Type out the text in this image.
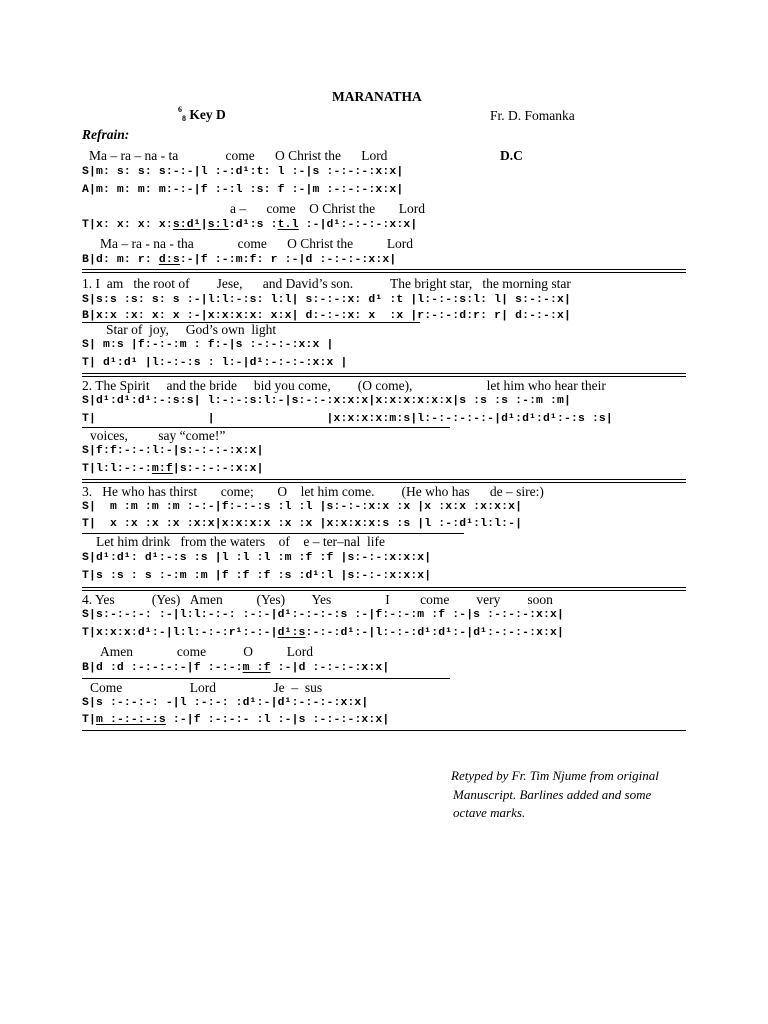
MARANATHA
$^6_8$ Key D	Fr. D. Fomanka
Refrain:
Ma – ra – na - ta              come      O Christ the      Lord	D.C
S|m: s: s: s:-:-|l :-:d¹:t: l :-|s :-:-:-:x:x|
A|m: m: m: m:-:-|f :-:l :s: f :-|m :-:-:-:x:x|
a –      come    O Christ the       Lord
T|x: x: x: x:s:d¹|s:l:d¹:s :t.l :-|d¹:-:-:-:x:x|
Ma – ra - na - tha             come      O Christ the          Lord
B|d: m: r: d:s:-|f :-:m:f: r :-|d :-:-:-:x:x|
1. I  am   the root of        Jese,      and David’s son.           The bright star,   the morning star
S|s:s :s: s: s :-|l:l:-:s: l:l| s:-:-:x: d¹ :t |l:-:-:s:l: l| s:-:-:x|
B|x:x :x: x: x :-|x:x:x:x: x:x| d:-:-:x: x  :x |r:-:-:d:r: r| d:-:-:x|
Star of  joy,     God’s own  light
S| m:s |f:-:-:m : f:-|s :-:-:-:x:x |
T| d¹:d¹ |l:-:-:s : l:-|d¹:-:-:-:x:x |
2. The Spirit     and the bride     bid you come,        (O come),                      let him who hear their
S|d¹:d¹:d¹:-:s:s| l:-:-:s:l:-|s:-:-:x:x:x|x:x:x:x:x:x|s :s :s :-:m :m|
T|                |                |x:x:x:x:m:s|l:-:-:-:-:-|d¹:d¹:d¹:-:s :s|
voices,         say “come!”
S|f:f:-:-:l:-|s:-:-:-:x:x|
T|l:l:-:-:m:f|s:-:-:-:x:x|
3.   He who has thirst       come;       O    let him come.        (He who has      de – sire:)
S|  m :m :m :m :-:-|f:-:-:s :l :l |s:-:-:x:x :x |x :x:x :x:x:x|
T|  x :x :x :x :x:x|x:x:x:x :x :x |x:x:x:x:s :s |l :-:d¹:l:l:-|
Let him drink   from the waters    of    e – ter–nal  life
S|d¹:d¹: d¹:-:s :s |l :l :l :m :f :f |s:-:-:x:x:x|
T|s :s : s :-:m :m |f :f :f :s :d¹:l |s:-:-:x:x:x|
4. Yes           (Yes)   Amen          (Yes)        Yes                I         come        very        soon
S|s:-:-:-: :-|l:l:-:-: :-:-|d¹:-:-:-:s :-|f:-:-:m :f :-|s :-:-:-:x:x|
T|x:x:x:d¹:-|l:l:-:-:r¹:-:-|d¹:s:-:-:d¹:-|l:-:-:d¹:d¹:-|d¹:-:-:-:x:x|
Amen             come           O          Lord
B|d :d :-:-:-:-|f :-:-:m :f :-|d :-:-:-:x:x|
Come                    Lord                 Je  –  sus
S|s :-:-:-: -|l :-:-: :d¹:-|d¹:-:-:-:x:x|
T|m :-:-:-:s :-|f :-:-:- :l :-|s :-:-:-:x:x|
Retyped by Fr. Tim Njume from original
Manuscript. Barlines added and some
octave marks.
